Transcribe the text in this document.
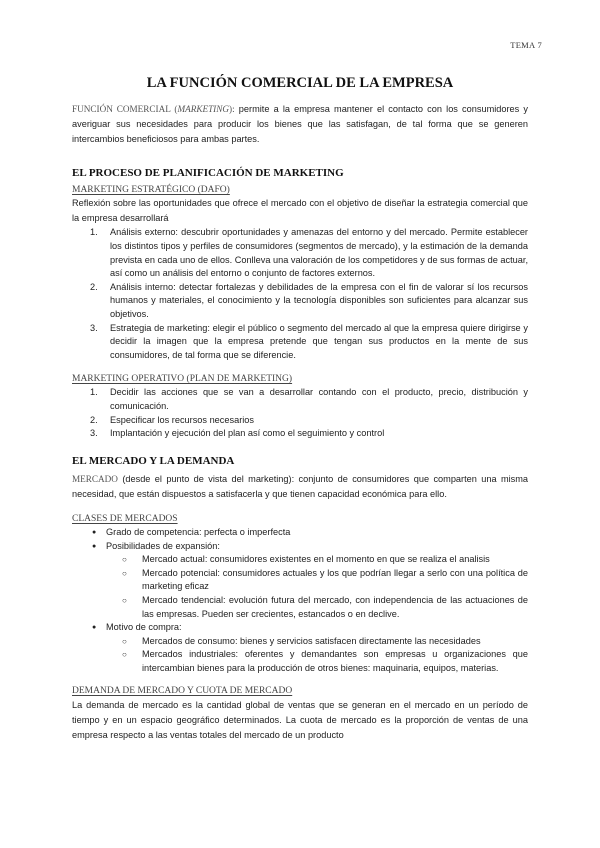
TEMA 7
LA FUNCIÓN COMERCIAL DE LA EMPRESA

FUNCIÓN COMERCIAL (MARKETING): permite a la empresa mantener el contacto con los consumidores y averiguar sus necesidades para producir los bienes que las satisfagan, de tal forma que se generen intercambios beneficiosos para ambas partes.

EL PROCESO DE PLANIFICACIÓN DE MARKETING
MARKETING ESTRATÉGICO (DAFO)

Reflexión sobre las oportunidades que ofrece el mercado con el objetivo de diseñar la estrategia comercial que la empresa desarrollará

1. Análisis externo: descubrir oportunidades y amenazas del entorno y del mercado. Permite establecer los distintos tipos y perfiles de consumidores (segmentos de mercado), y la estimación de la demanda prevista en cada uno de ellos. Conlleva una valoración de los competidores y de sus formas de actuar, así como un análisis del entorno o conjunto de factores externos.
2. Análisis interno: detectar fortalezas y debilidades de la empresa con el fin de valorar sí los recursos humanos y materiales, el conocimiento y la tecnología disponibles son suficientes para alcanzar sus objetivos.
3. Estrategia de marketing: elegir el público o segmento del mercado al que la empresa quiere dirigirse y decidir la imagen que la empresa pretende que tengan sus productos en la mente de sus consumidores, de tal forma que se diferencie.
MARKETING OPERATIVO (PLAN DE MARKETING)
1. Decidir las acciones que se van a desarrollar contando con el producto, precio, distribución y comunicación.
2. Especificar los recursos necesarios
3. Implantación y ejecución del plan así como el seguimiento y control
EL MERCADO Y LA DEMANDA

MERCADO (desde el punto de vista del marketing): conjunto de consumidores que comparten una misma necesidad, que están dispuestos a satisfacerla y que tienen capacidad económica para ello.

CLASES DE MERCADOS
● Grado de competencia: perfecta o imperfecta
● Posibilidades de expansión:
○ Mercado actual: consumidores existentes en el momento en que se realiza el analisis
○ Mercado potencial: consumidores actuales y los que podrían llegar a serlo con una política de marketing eficaz
○ Mercado tendencial: evolución futura del mercado, con independencia de las actuaciones de las empresas. Pueden ser crecientes, estancados o en declive.
● Motivo de compra:
○ Mercados de consumo: bienes y servicios satisfacen directamente las necesidades
○ Mercados industriales: oferentes y demandantes son empresas u organizaciones que intercambian bienes para la producción de otros bienes: maquinaria, equipos, materias.
DEMANDA DE MERCADO Y CUOTA DE MERCADO

La demanda de mercado es la cantidad global de ventas que se generan en el mercado en un período de tiempo y en un espacio geográfico determinados. La cuota de mercado es la proporción de ventas de una empresa respecto a las ventas totales del mercado de un producto
